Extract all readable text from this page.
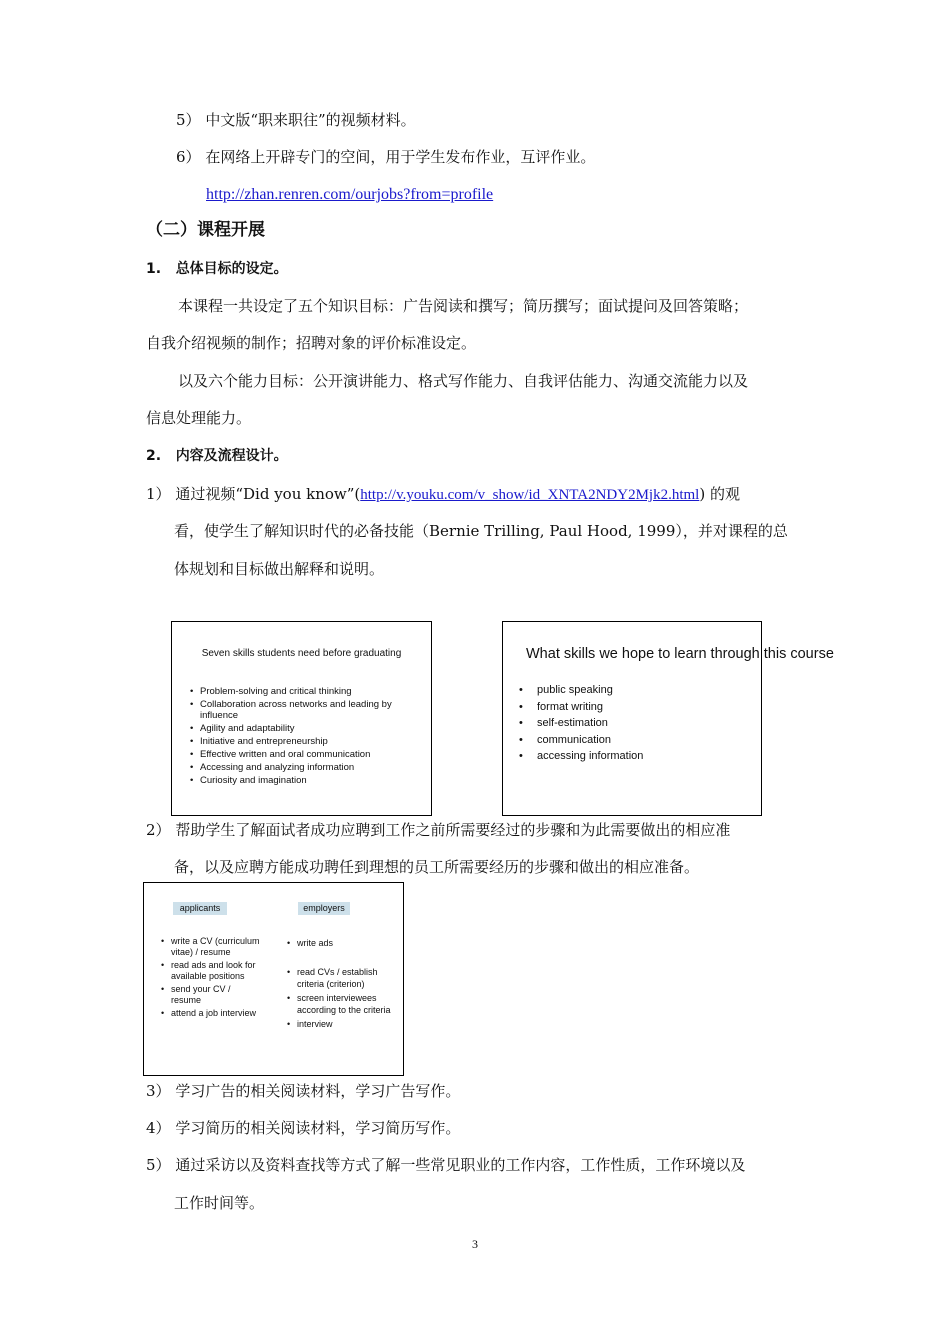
5） 中文版“职来职往”的视频材料。
6） 在网络上开辟专门的空间，用于学生发布作业，互评作业。
http://zhan.renren.com/ourjobs?from=profile
（二）课程开展
1. 总体目标的设定。
本课程一共设定了五个知识目标：广告阅读和撰写；简历撰写；面试提问及回答策略；
自我介绍视频的制作；招聘对象的评价标准设定。
以及六个能力目标：公开演讲能力、格式写作能力、自我评估能力、沟通交流能力以及
信息处理能力。
2. 内容及流程设计。
1） 通过视频“Did you know”(http://v.youku.com/v_show/id_XNTA2NDY2Mjk2.html) 的观
看，使学生了解知识时代的必备技能（Bernie Trilling, Paul Hood, 1999），并对课程的总
体规划和目标做出解释和说明。
Seven skills students need before graduating
• Problem-solving and critical thinking
• Collaboration across networks and leading by influence
• Agility and adaptability
• Initiative and entrepreneurship
• Effective written and oral communication
• Accessing and analyzing information
• Curiosity and imagination
• public speaking
• format writing
• self-estimation
• communication
• accessing information
What skills we hope to learn through this course
2） 帮助学生了解面试者成功应聘到工作之前所需要经过的步骤和为此需要做出的相应准
备，以及应聘方能成功聘任到理想的员工所需要经历的步骤和做出的相应准备。
applicants	employers
• write a CV (curriculum vitae) / resume
• read ads and look for available positions
• send your CV / resume
• attend a job interview
• write ads
• read CVs / establish criteria (criterion)
• screen interviewees according to the criteria
• interview
3） 学习广告的相关阅读材料，学习广告写作。
4） 学习简历的相关阅读材料，学习简历写作。
5） 通过采访以及资料查找等方式了解一些常见职业的工作内容，工作性质，工作环境以及
工作时间等。
3
